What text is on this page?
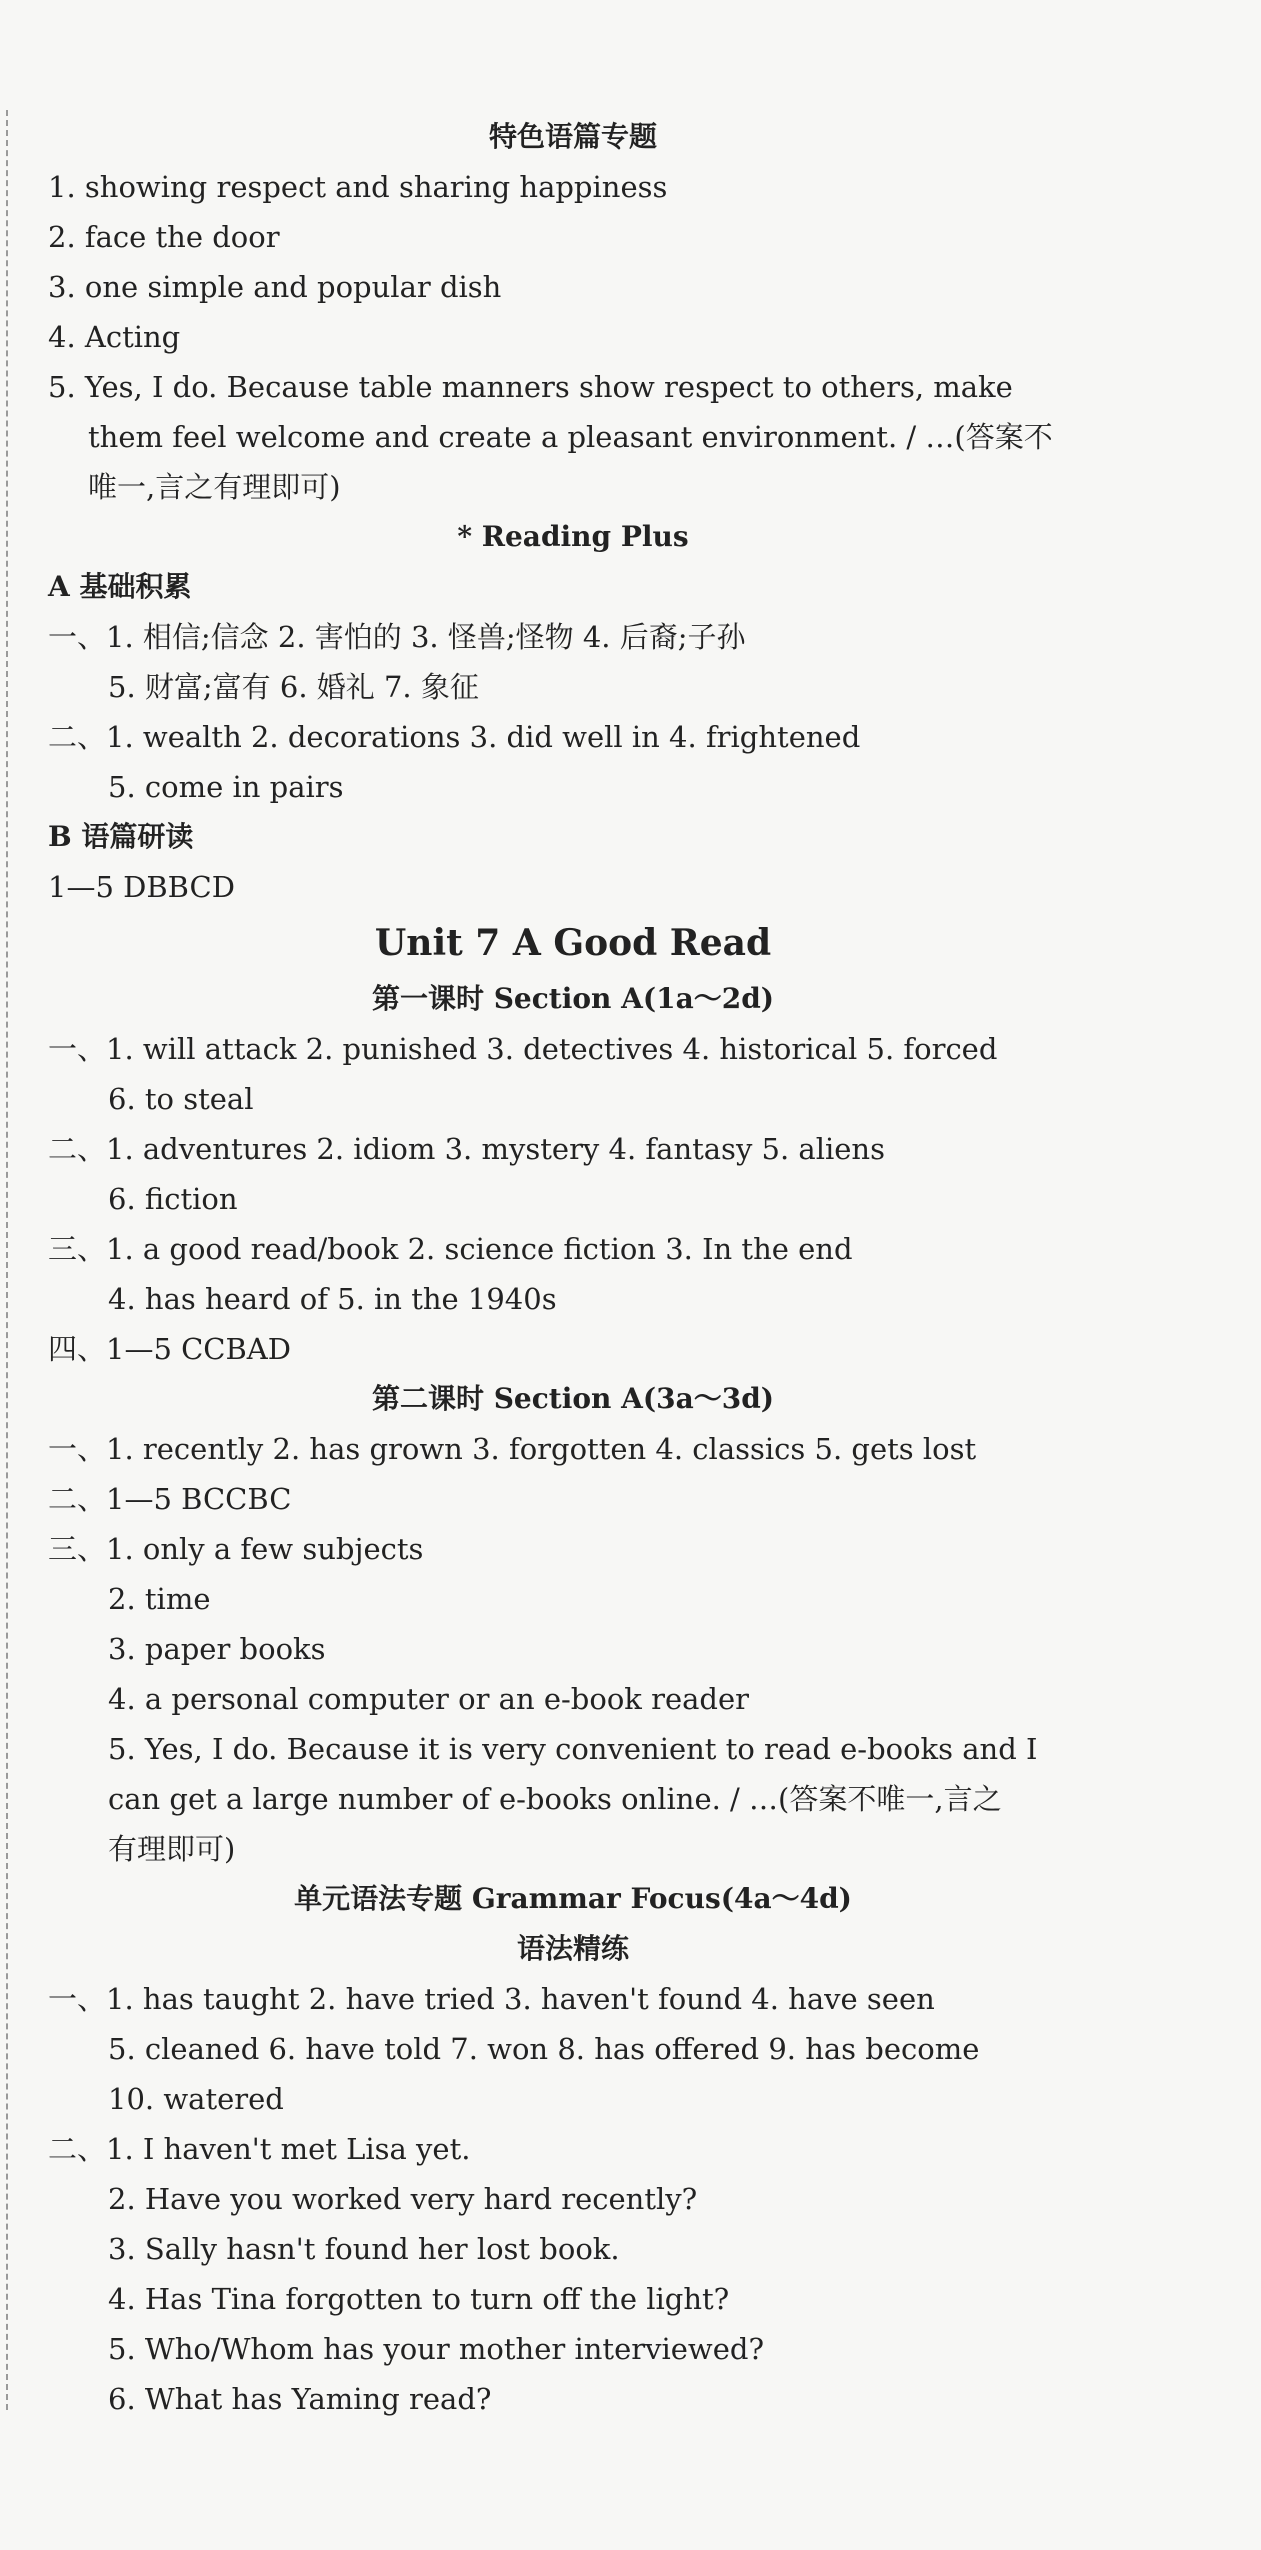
特色语篇专题
1. showing respect and sharing happiness
2. face the door
3. one simple and popular dish
4. Acting
5. Yes, I do. Because table manners show respect to others, make
them feel welcome and create a pleasant environment. / …(答案不
唯一,言之有理即可)
* Reading Plus
A 基础积累
一、1. 相信;信念 2. 害怕的 3. 怪兽;怪物 4. 后裔;子孙
5. 财富;富有 6. 婚礼 7. 象征
二、1. wealth 2. decorations 3. did well in 4. frightened
5. come in pairs
B 语篇研读
1—5 DBBCD
Unit 7 A Good Read
第一课时 Section A(1a～2d)
一、1. will attack 2. punished 3. detectives 4. historical 5. forced
6. to steal
二、1. adventures 2. idiom 3. mystery 4. fantasy 5. aliens
6. fiction
三、1. a good read/book 2. science fiction 3. In the end
4. has heard of 5. in the 1940s
四、1—5 CCBAD
第二课时 Section A(3a～3d)
一、1. recently 2. has grown 3. forgotten 4. classics 5. gets lost
二、1—5 BCCBC
三、1. only a few subjects
2. time
3. paper books
4. a personal computer or an e-book reader
5. Yes, I do. Because it is very convenient to read e-books and I
can get a large number of e-books online. / …(答案不唯一,言之
有理即可)
单元语法专题 Grammar Focus(4a～4d)
语法精练
一、1. has taught 2. have tried 3. haven't found 4. have seen
5. cleaned 6. have told 7. won 8. has offered 9. has become
10. watered
二、1. I haven't met Lisa yet.
2. Have you worked very hard recently?
3. Sally hasn't found her lost book.
4. Has Tina forgotten to turn off the light?
5. Who/Whom has your mother interviewed?
6. What has Yaming read?
